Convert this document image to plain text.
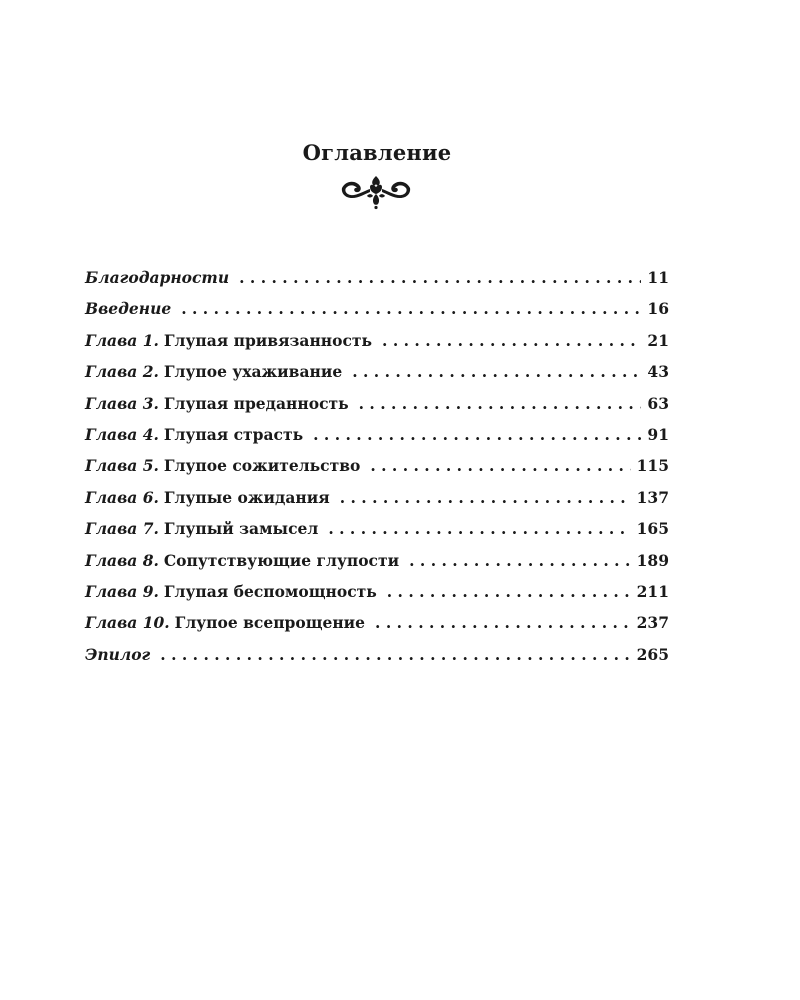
Оглавление
Благодарности . . .	11
Введение . . .	16
Глава 1. Глупая привязанность . . .	21
Глава 2. Глупое ухаживание . . .	43
Глава 3. Глупая преданность . . .	63
Глава 4. Глупая страсть . . .	91
Глава 5. Глупое сожительство . . .	115
Глава 6. Глупые ожидания . . .	137
Глава 7. Глупый замысел . . .	165
Глава 8. Сопутствующие глупости . . .	189
Глава 9. Глупая беспомощность . . .	211
Глава 10. Глупое всепрощение . . .	237
Эпилог . . .	265
